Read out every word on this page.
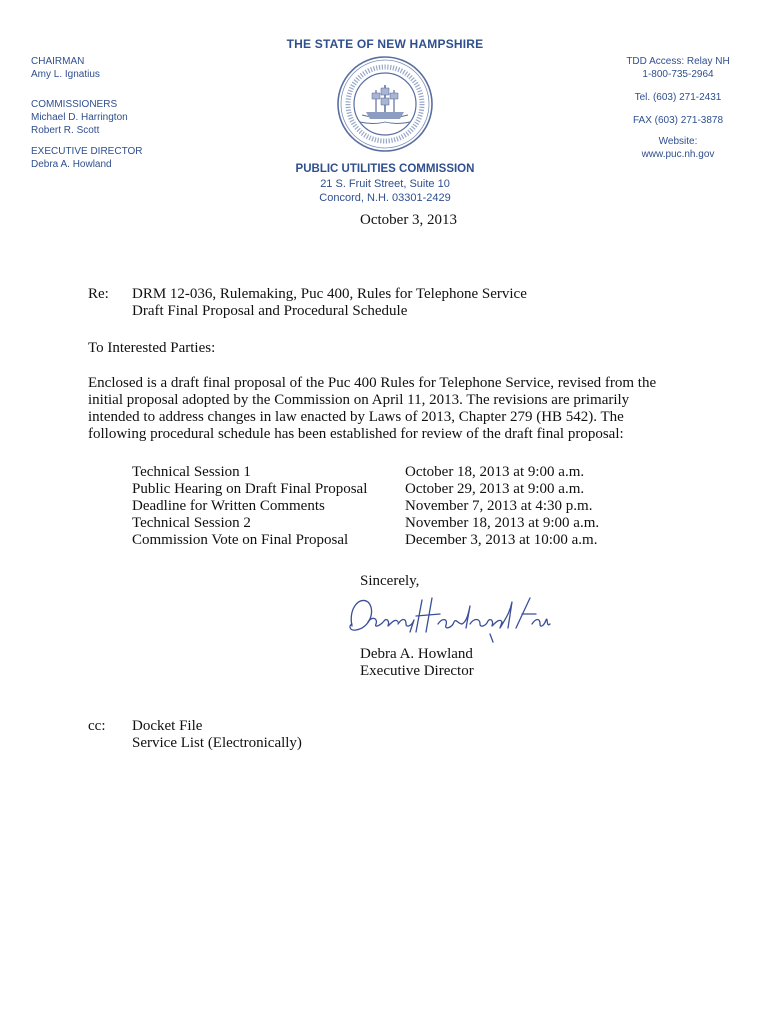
THE STATE OF NEW HAMPSHIRE
PUBLIC UTILITIES COMMISSION
21 S. Fruit Street, Suite 10
Concord, N.H. 03301-2429
CHAIRMAN
Amy L. Ignatius
COMMISSIONERS
Michael D. Harrington
Robert R. Scott
EXECUTIVE DIRECTOR
Debra A. Howland
TDD Access: Relay NH
1-800-735-2964
Tel. (603) 271-2431
FAX (603) 271-3878
Website:
www.puc.nh.gov
October 3, 2013
Re: DRM 12-036, Rulemaking, Puc 400, Rules for Telephone Service
Draft Final Proposal and Procedural Schedule
To Interested Parties:
Enclosed is a draft final proposal of the Puc 400 Rules for Telephone Service, revised from the
initial proposal adopted by the Commission on April 11, 2013. The revisions are primarily
intended to address changes in law enacted by Laws of 2013, Chapter 279 (HB 542). The
following procedural schedule has been established for review of the draft final proposal:
Technical Session 1
Public Hearing on Draft Final Proposal
Deadline for Written Comments
Technical Session 2
Commission Vote on Final Proposal
October 18, 2013 at 9:00 a.m.
October 29, 2013 at 9:00 a.m.
November 7, 2013 at 4:30 p.m.
November 18, 2013 at 9:00 a.m.
December 3, 2013 at 10:00 a.m.
Sincerely,
Debra A. Howland
Executive Director
cc: Docket File
Service List (Electronically)
